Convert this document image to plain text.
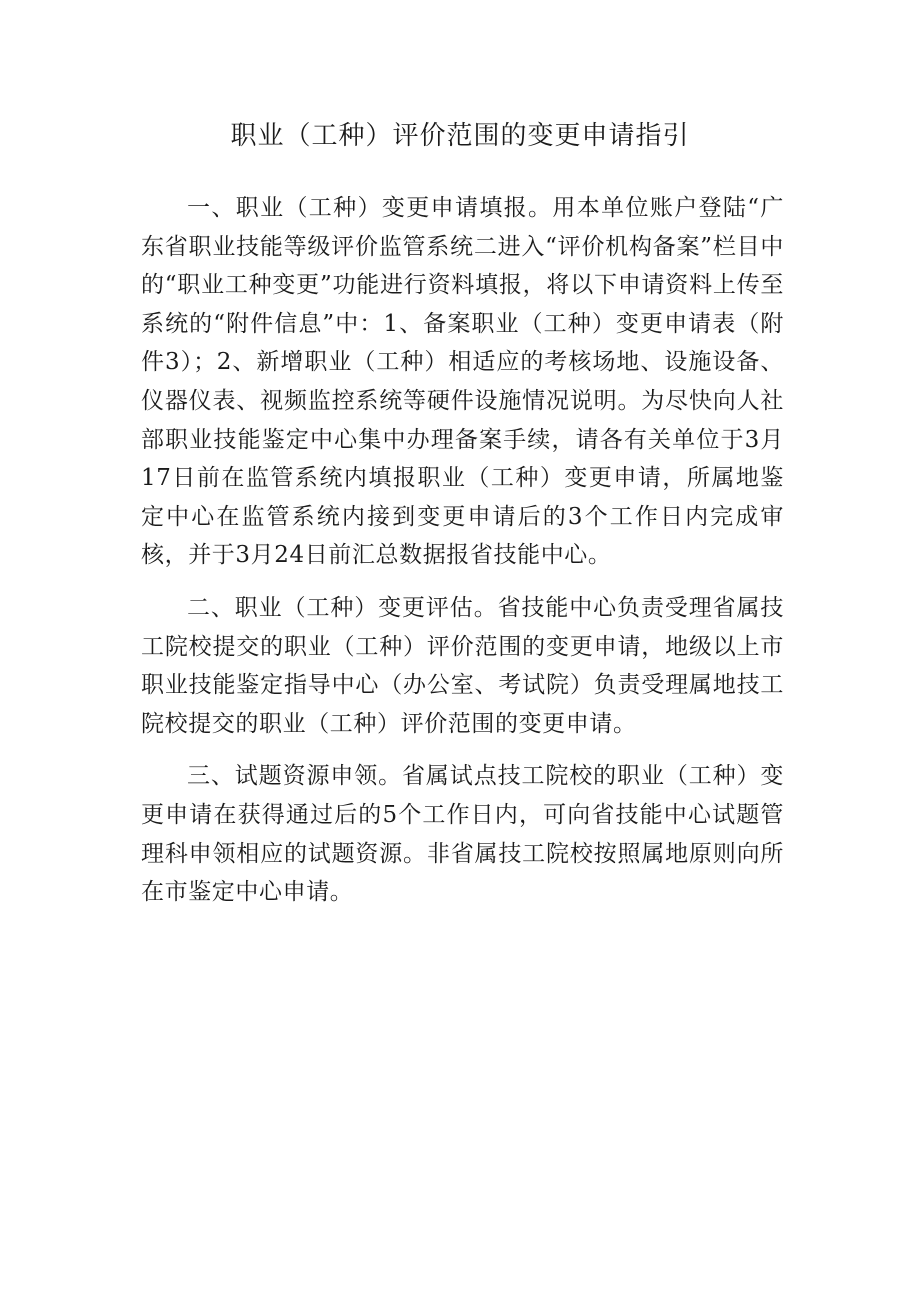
职业（工种）评价范围的变更申请指引

一、职业（工种）变更申请填报。用本单位账户登陆“广东省职业技能等级评价监管系统二进入“评价机构备案”栏目中的“职业工种变更”功能进行资料填报，将以下申请资料上传至系统的“附件信息”中：1、备案职业（工种）变更申请表（附件3）；2、新增职业（工种）相适应的考核场地、设施设备、仪器仪表、视频监控系统等硬件设施情况说明。为尽快向人社部职业技能鉴定中心集中办理备案手续，请各有关单位于3月17日前在监管系统内填报职业（工种）变更申请，所属地鉴定中心在监管系统内接到变更申请后的3个工作日内完成审核，并于3月24日前汇总数据报省技能中心。

二、职业（工种）变更评估。省技能中心负责受理省属技工院校提交的职业（工种）评价范围的变更申请，地级以上市职业技能鉴定指导中心（办公室、考试院）负责受理属地技工院校提交的职业（工种）评价范围的变更申请。

三、试题资源申领。省属试点技工院校的职业（工种）变更申请在获得通过后的5个工作日内，可向省技能中心试题管理科申领相应的试题资源。非省属技工院校按照属地原则向所在市鉴定中心申请。
